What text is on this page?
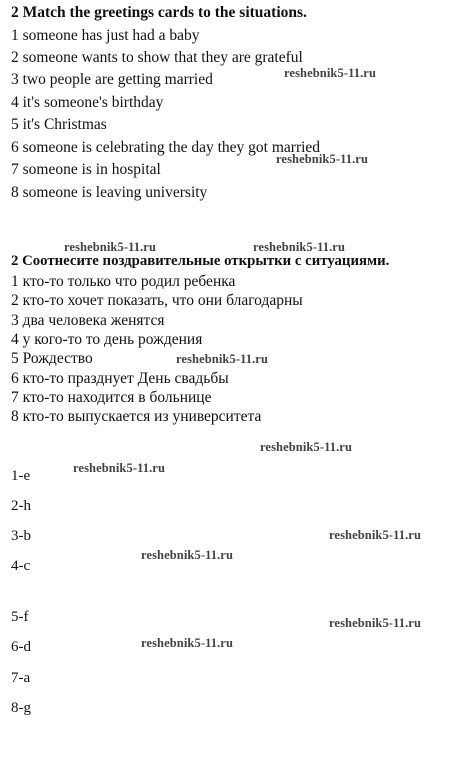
2 Match the greetings cards to the situations.
1 someone has just had a baby
2 someone wants to show that they are grateful
3 two people are getting married
4 it's someone's birthday
5 it's Christmas
6 someone is celebrating the day they got married
7 someone is in hospital
8 someone is leaving university
2 Соотнесите поздравительные открытки с ситуациями.
1 кто-то только что родил ребенка
2 кто-то хочет показать, что они благодарны
3 два человека женятся
4 у кого-то то день рождения
5 Рождество
6 кто-то празднует День свадьбы
7 кто-то находится в больнице
8 кто-то выпускается из университета
1-e
2-h
3-b
4-c
5-f
6-d
7-a
8-g
reshebnik5-11.ru
reshebnik5-11.ru
reshebnik5-11.ru	reshebnik5-11.ru
reshebnik5-11.ru
reshebnik5-11.ru
reshebnik5-11.ru
reshebnik5-11.ru
reshebnik5-11.ru
reshebnik5-11.ru
reshebnik5-11.ru
